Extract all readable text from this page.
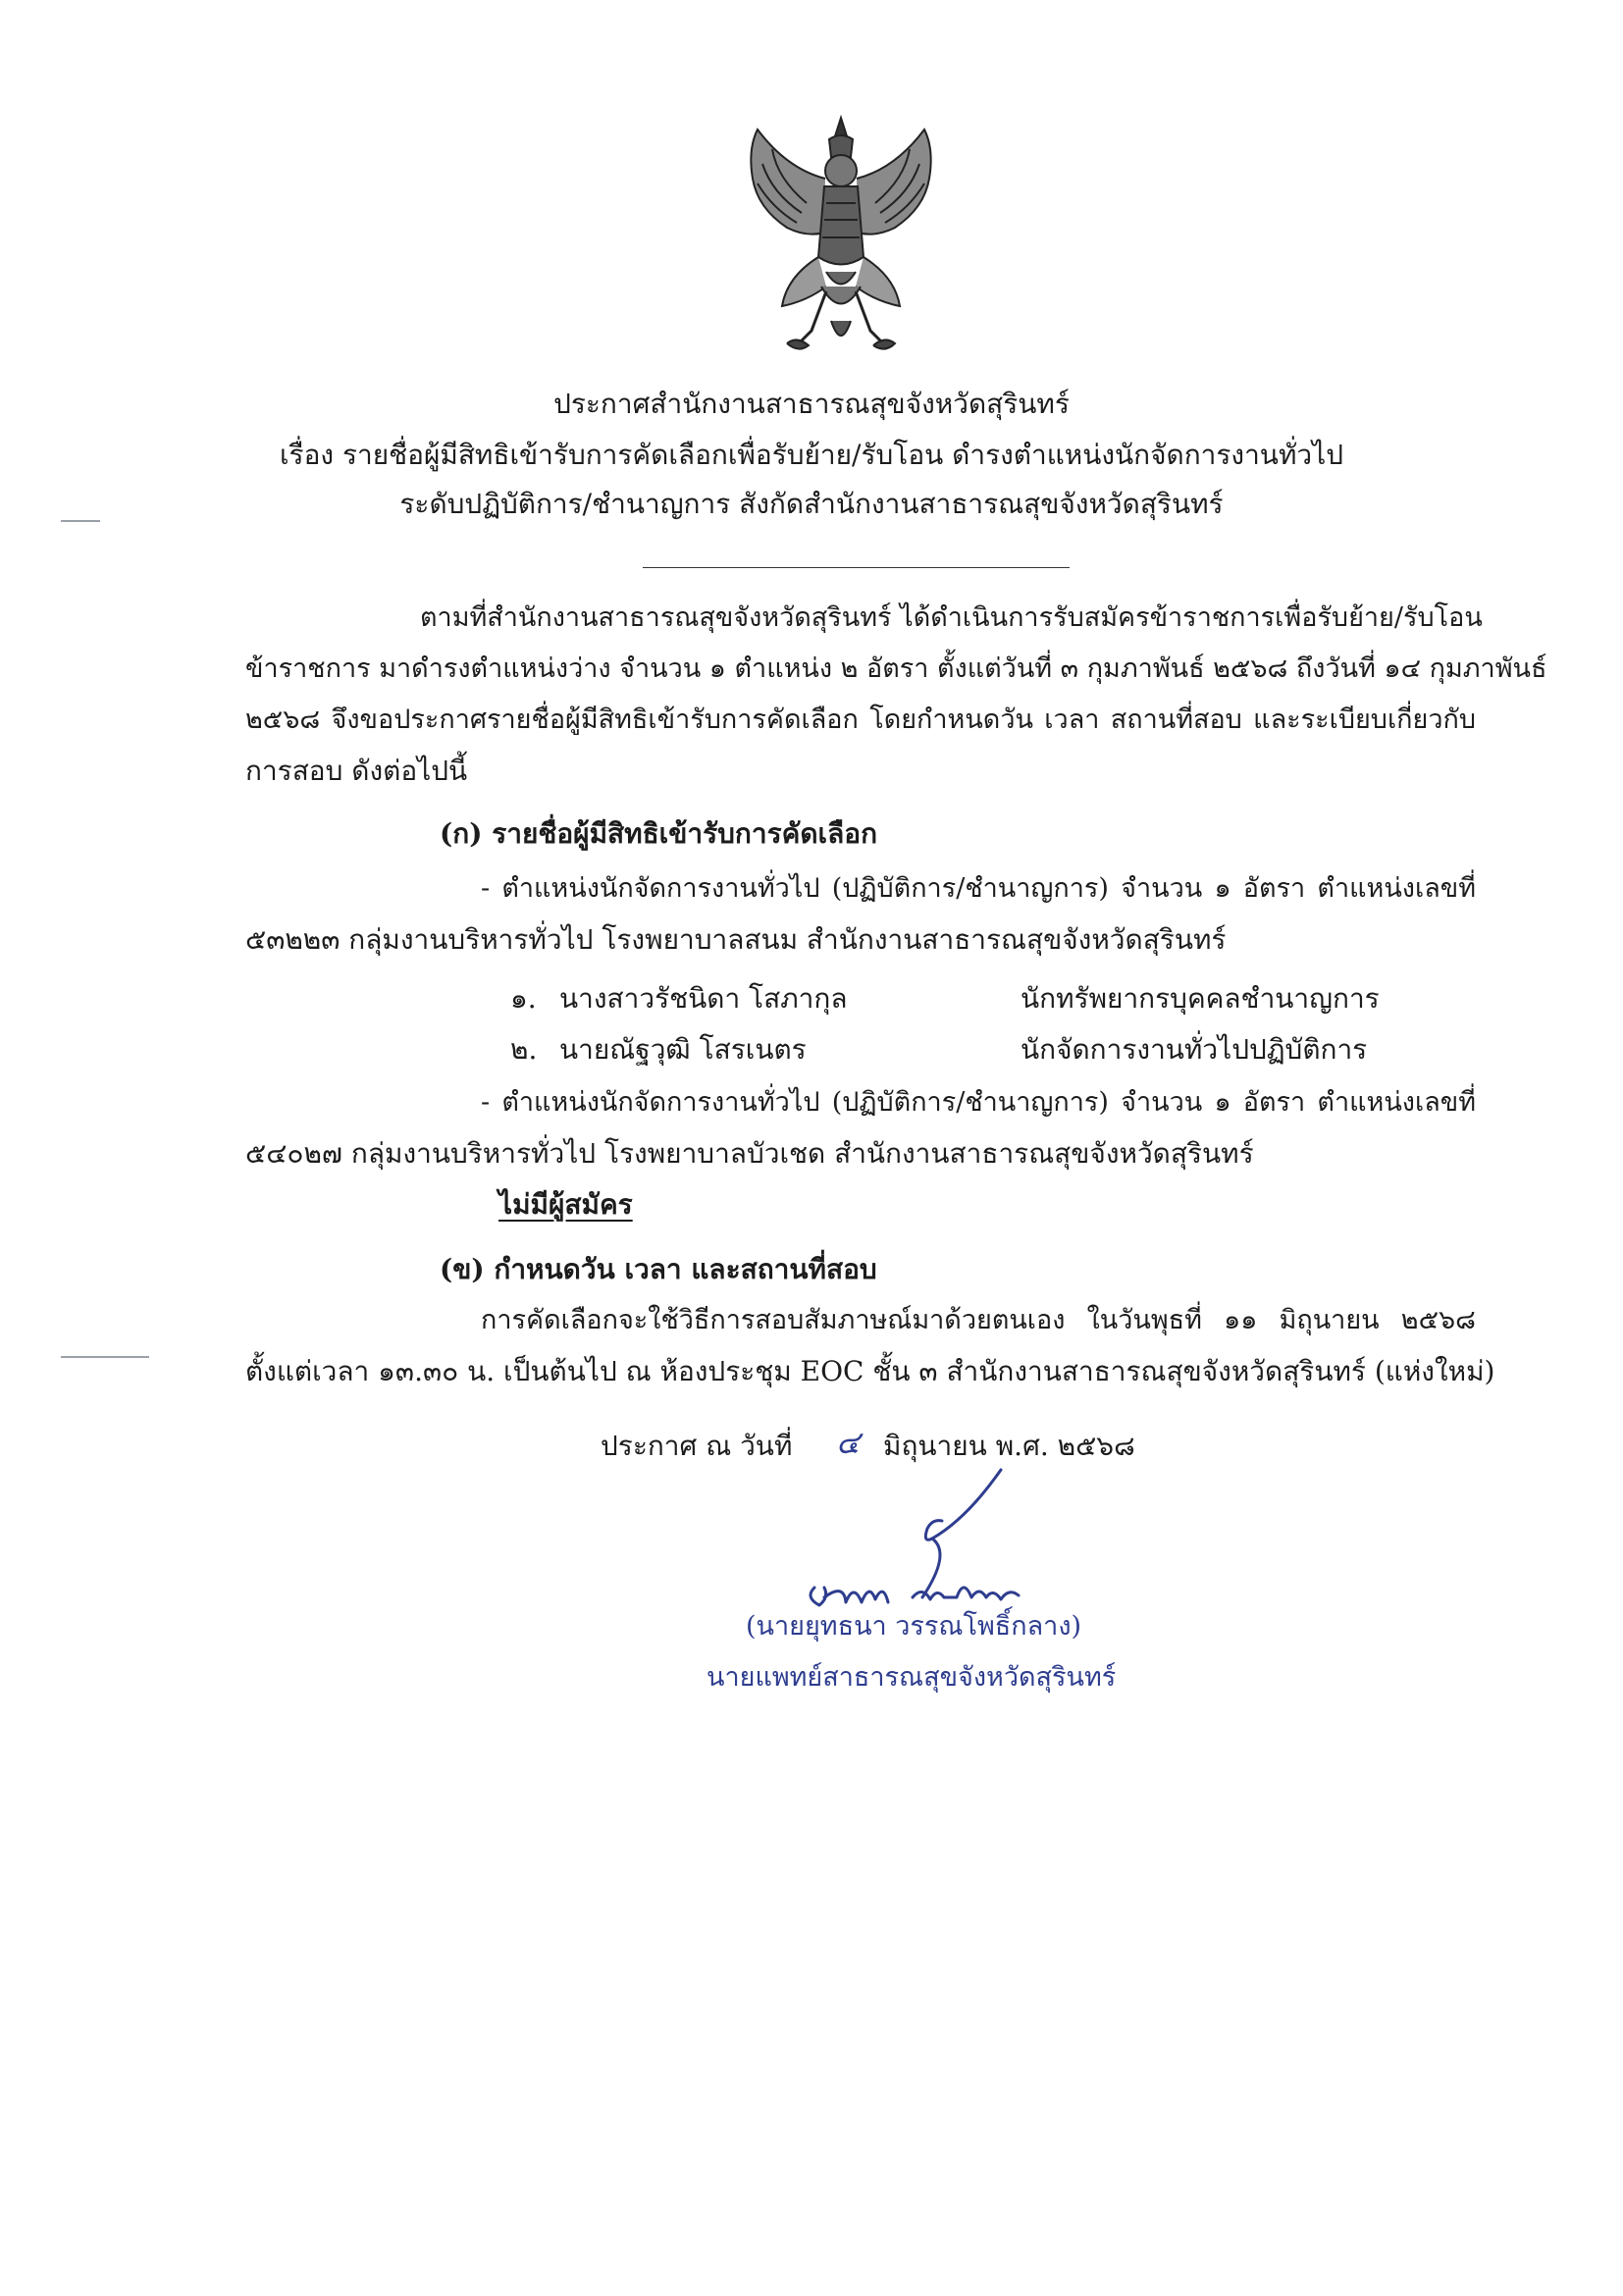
ประกาศสำนักงานสาธารณสุขจังหวัดสุรินทร์
เรื่อง รายชื่อผู้มีสิทธิเข้ารับการคัดเลือกเพื่อรับย้าย/รับโอน ดำรงตำแหน่งนักจัดการงานทั่วไป
ระดับปฏิบัติการ/ชำนาญการ สังกัดสำนักงานสาธารณสุขจังหวัดสุรินทร์
ตามที่สำนักงานสาธารณสุขจังหวัดสุรินทร์ ได้ดำเนินการรับสมัครข้าราชการเพื่อรับย้าย/รับโอน
ข้าราชการ มาดำรงตำแหน่งว่าง จำนวน ๑ ตำแหน่ง ๒ อัตรา ตั้งแต่วันที่ ๓ กุมภาพันธ์ ๒๕๖๘ ถึงวันที่ ๑๔ กุมภาพันธ์
๒๕๖๘ จึงขอประกาศรายชื่อผู้มีสิทธิเข้ารับการคัดเลือก โดยกำหนดวัน เวลา สถานที่สอบ และระเบียบเกี่ยวกับ
การสอบ ดังต่อไปนี้
(ก) รายชื่อผู้มีสิทธิเข้ารับการคัดเลือก
- ตำแหน่งนักจัดการงานทั่วไป (ปฏิบัติการ/ชำนาญการ) จำนวน ๑ อัตรา ตำแหน่งเลขที่
๕๓๒๒๓ กลุ่มงานบริหารทั่วไป โรงพยาบาลสนม สำนักงานสาธารณสุขจังหวัดสุรินทร์
๑. นางสาวรัชนิดา โสภากุล	นักทรัพยากรบุคคลชำนาญการ
๒. นายณัฐวุฒิ โสรเนตร	นักจัดการงานทั่วไปปฏิบัติการ
- ตำแหน่งนักจัดการงานทั่วไป (ปฏิบัติการ/ชำนาญการ) จำนวน ๑ อัตรา ตำแหน่งเลขที่
๕๔๐๒๗ กลุ่มงานบริหารทั่วไป โรงพยาบาลบัวเชด สำนักงานสาธารณสุขจังหวัดสุรินทร์
ไม่มีผู้สมัคร
(ข) กำหนดวัน เวลา และสถานที่สอบ
การคัดเลือกจะใช้วิธีการสอบสัมภาษณ์มาด้วยตนเอง ในวันพุธที่ ๑๑ มิถุนายน ๒๕๖๘
ตั้งแต่เวลา ๑๓.๓๐ น. เป็นต้นไป ณ ห้องประชุม EOC ชั้น ๓ สำนักงานสาธารณสุขจังหวัดสุรินทร์ (แห่งใหม่)
ประกาศ ณ วันที่ ๔ มิถุนายน พ.ศ. ๒๕๖๘
(นายยุทธนา วรรณโพธิ์กลาง)
นายแพทย์สาธารณสุขจังหวัดสุรินทร์
